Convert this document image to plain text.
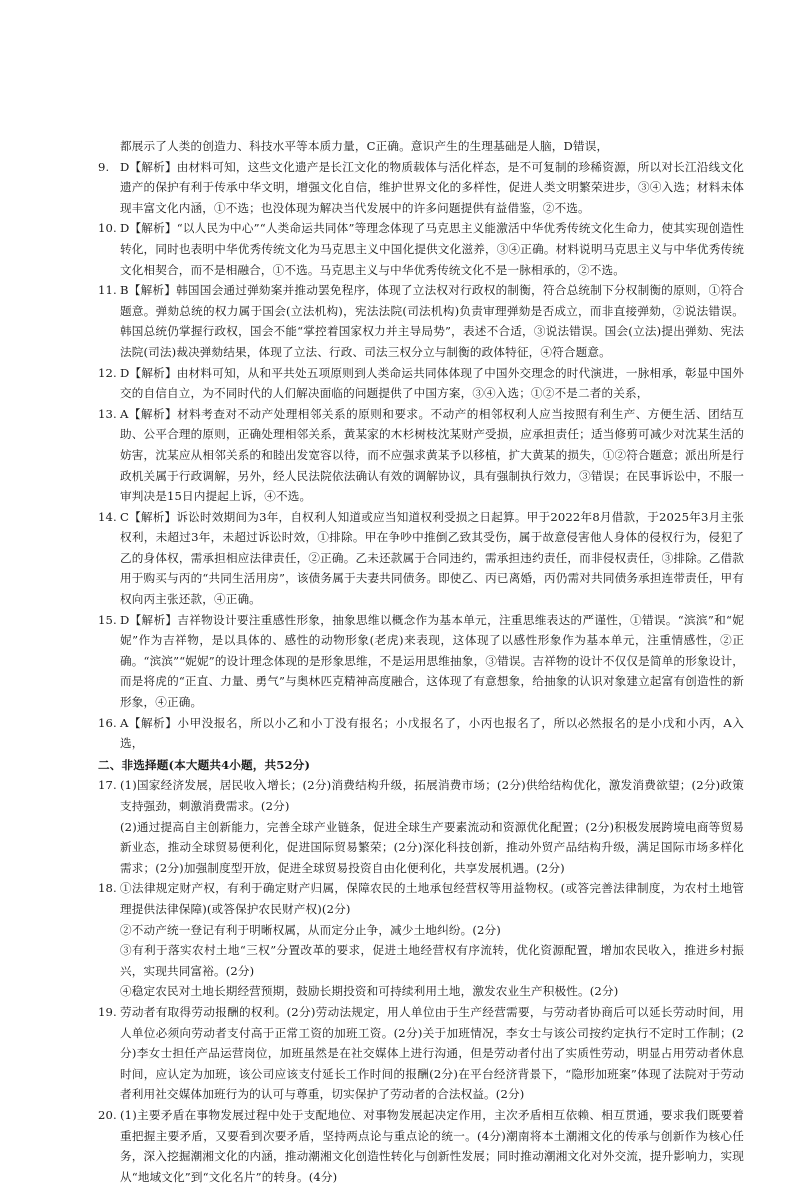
都展示了人类的创造力、科技水平等本质力量，C正确。意识产生的生理基础是人脑，D错误，
9. D【解析】由材料可知，这些文化遗产是长江文化的物质载体与活化样态，是不可复制的珍稀资源，所以对长江沿线文化遗产的保护有利于传承中华文明，增强文化自信，维护世界文化的多样性，促进人类文明繁荣进步，③④入选；材料未体现丰富文化内涵，①不选；也没体现为解决当代发展中的许多问题提供有益借鉴，②不选。
10. D【解析】“以人民为中心”“人类命运共同体”等理念体现了马克思主义能激活中华优秀传统文化生命力，使其实现创造性转化，同时也表明中华优秀传统文化为马克思主义中国化提供文化滋养，③④正确。材料说明马克思主义与中华优秀传统文化相契合，而不是相融合，①不选。马克思主义与中华优秀传统文化不是一脉相承的，②不选。
11. B【解析】韩国国会通过弹劾案并推动罢免程序，体现了立法权对行政权的制衡，符合总统制下分权制衡的原则，①符合题意。弹劾总统的权力属于国会(立法机构)，宪法法院(司法机构)负责审理弹劾是否成立，而非直接弹劾，②说法错误。韩国总统仍掌握行政权，国会不能“掌控着国家权力并主导局势”，表述不合适，③说法错误。国会(立法)提出弹劾、宪法法院(司法)裁决弹劾结果，体现了立法、行政、司法三权分立与制衡的政体特征，④符合题意。
12. D【解析】由材料可知，从和平共处五项原则到人类命运共同体体现了中国外交理念的时代演进，一脉相承，彰显中国外交的自信自立，为不同时代的人们解决面临的问题提供了中国方案，③④入选；①②不是二者的关系，
13. A【解析】材料考查对不动产处理相邻关系的原则和要求。不动产的相邻权利人应当按照有利生产、方便生活、团结互助、公平合理的原则，正确处理相邻关系，黄某家的木杉树枝沈某财产受损，应承担责任；适当修剪可减少对沈某生活的妨害，沈某应从相邻关系的和睦出发宽容以待，而不应强求黄某予以移植，扩大黄某的损失，①②符合题意；派出所是行政机关属于行政调解，另外，经人民法院依法确认有效的调解协议，具有强制执行效力，③错误；在民事诉讼中，不服一审判决是15日内提起上诉，④不选。
14. C【解析】诉讼时效期间为3年，自权利人知道或应当知道权利受损之日起算。甲于2022年8月借款，于2025年3月主张权利，未超过3年，未超过诉讼时效，①排除。甲在争吵中推倒乙致其受伤，属于故意侵害他人身体的侵权行为，侵犯了乙的身体权，需承担相应法律责任，②正确。乙未还款属于合同违约，需承担违约责任，而非侵权责任，③排除。乙借款用于购买与丙的“共同生活用房”，该债务属于夫妻共同债务。即使乙、丙已离婚，丙仍需对共同债务承担连带责任，甲有权向丙主张还款，④正确。
15. D【解析】吉祥物设计要注重感性形象，抽象思维以概念作为基本单元，注重思维表达的严谨性，①错误。“滨滨”和“妮妮”作为吉祥物，是以具体的、感性的动物形象(老虎)来表现，这体现了以感性形象作为基本单元，注重情感性，②正确。“滨滨”“妮妮”的设计理念体现的是形象思维，不是运用思维抽象，③错误。吉祥物的设计不仅仅是简单的形象设计，而是将虎的“正直、力量、勇气”与奥林匹克精神高度融合，这体现了有意想象，给抽象的认识对象建立起富有创造性的新形象，④正确。
16. A【解析】小甲没报名，所以小乙和小丁没有报名；小戊报名了，小丙也报名了，所以必然报名的是小戊和小丙，A入选，
二、非选择题(本大题共4小题，共52分)
17. (1)国家经济发展，居民收入增长；(2分)消费结构升级，拓展消费市场；(2分)供给结构优化，激发消费欲望；(2分)政策支持强劲，刺激消费需求。(2分)
(2)通过提高自主创新能力，完善全球产业链条，促进全球生产要素流动和资源优化配置；(2分)积极发展跨境电商等贸易新业态，推动全球贸易便利化，促进国际贸易繁荣；(2分)深化科技创新，推动外贸产品结构升级，满足国际市场多样化需求；(2分)加强制度型开放，促进全球贸易投资自由化便利化，共享发展机遇。(2分)
18. ①法律规定财产权，有利于确定财产归属，保障农民的土地承包经营权等用益物权。(或答完善法律制度，为农村土地管理提供法律保障)(或答保护农民财产权)(2分)
②不动产统一登记有利于明晰权属，从而定分止争，减少土地纠纷。(2分)
③有利于落实农村土地“三权”分置改革的要求，促进土地经营权有序流转，优化资源配置，增加农民收入，推进乡村振兴，实现共同富裕。(2分)
④稳定农民对土地长期经营预期，鼓励长期投资和可持续利用土地，激发农业生产积极性。(2分)
19. 劳动者有取得劳动报酬的权利。(2分)劳动法规定，用人单位由于生产经营需要，与劳动者协商后可以延长劳动时间，用人单位必须向劳动者支付高于正常工资的加班工资。(2分)关于加班情况，李女士与该公司按约定执行不定时工作制；(2分)李女士担任产品运营岗位，加班虽然是在社交媒体上进行沟通，但是劳动者付出了实质性劳动，明显占用劳动者休息时间，应认定为加班，该公司应该支付延长工作时间的报酬(2分)在平台经济背景下，“隐形加班案”体现了法院对于劳动者利用社交媒体加班行为的认可与尊重，切实保护了劳动者的合法权益。(2分)
20. (1)主要矛盾在事物发展过程中处于支配地位、对事物发展起决定作用，主次矛盾相互依赖、相互贯通，要求我们既要着重把握主要矛盾，又要看到次要矛盾，坚持两点论与重点论的统一。(4分)潮南将本土潮湘文化的传承与创新作为核心任务，深入挖掘潮湘文化的内涵，推动潮湘文化创造性转化与创新性发展；同时推动潮湘文化对外交流，提升影响力，实现从“地域文化”到“文化名片”的转身。(4分)
